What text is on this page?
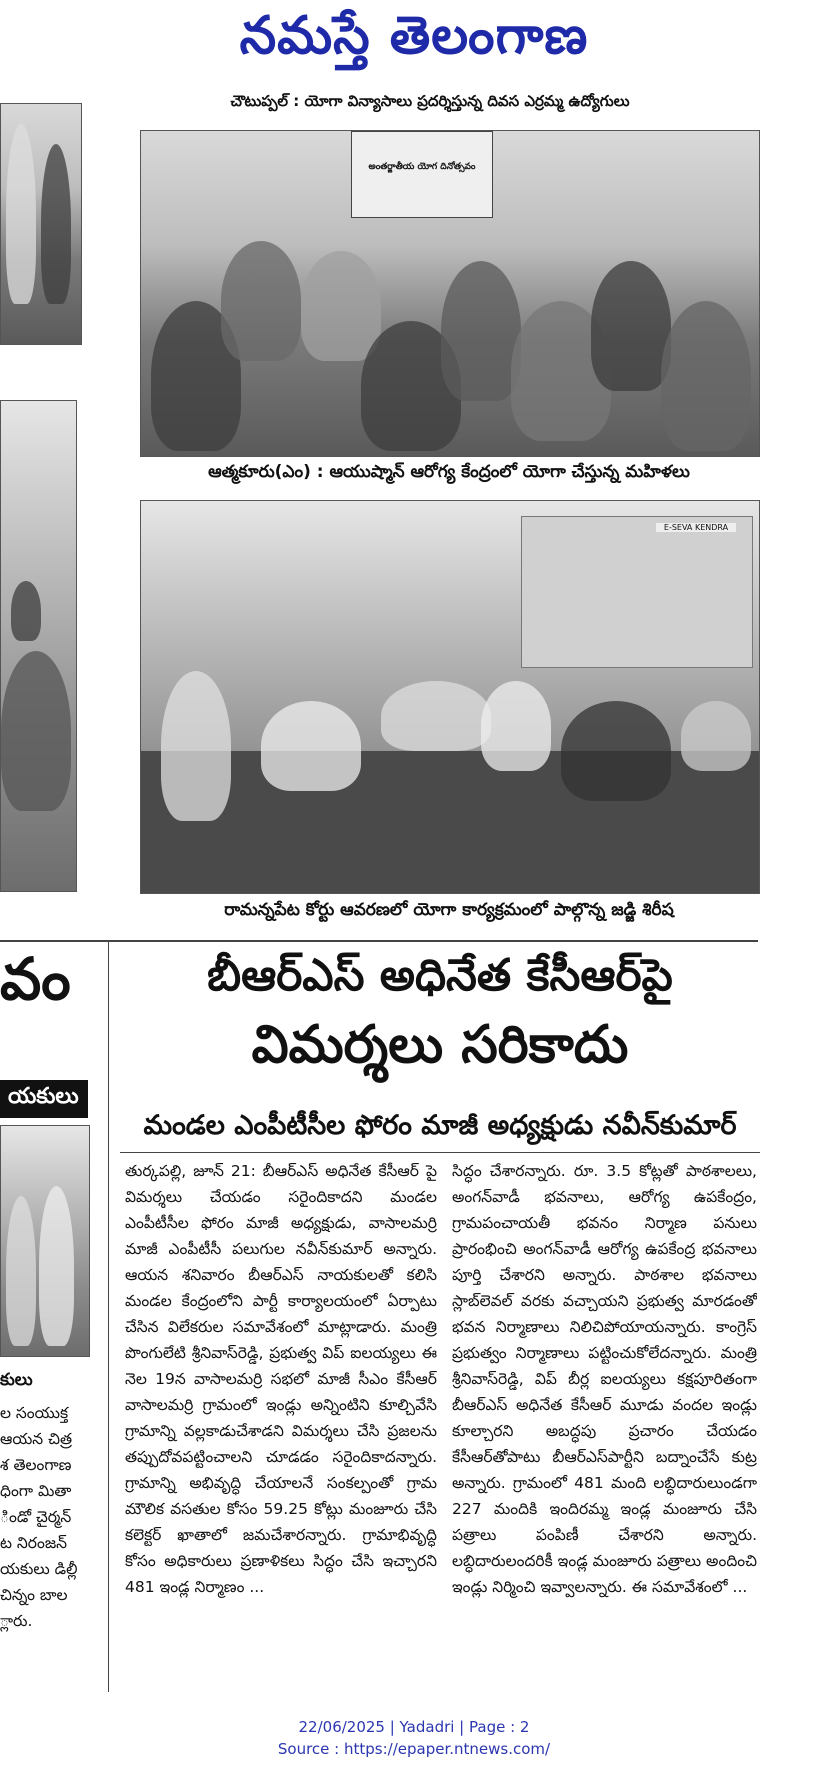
నమస్తే తెలంగాణ
చౌటుప్పల్ : యోగా విన్యాసాలు ప్రదర్శిస్తున్న దివస ఎర్రమ్మ ఉద్యోగులు
అంతర్జాతీయ యోగ దినోత్సవం
ఆత్మకూరు(ఎం) : ఆయుష్మాన్ ఆరోగ్య కేంద్రంలో యోగా చేస్తున్న మహిళలు
E-SEVA KENDRA
రామన్నపేట కోర్టు ఆవరణలో యోగా కార్యక్రమంలో పాల్గొన్న జడ్జి శిరీష
వం
యకులు
కులు
ల సంయుక్త
ఆయన చిత్ర
శ తెలంగాణ
ధింగా మితా
ిండో చైర్మన్
ట నిరంజన్
యకులు డిల్లీ
చిన్నం బాల
్లారు.
బీఆర్ఎస్ అధినేత కేసీఆర్‌పై
విమర్శలు సరికాదు
మండల ఎంపీటీసీల ఫోరం మాజీ అధ్యక్షుడు నవీన్‌కుమార్

తుర్కపల్లి, జూన్ 21: బీఆర్ఎస్ అధినేత కేసీఆర్ పై విమర్శలు చేయడం సరైందికాదని మండల ఎంపీటీసీల ఫోరం మాజీ అధ్యక్షుడు, వాసాలమర్రి మాజీ ఎంపీటీసీ పలుగుల నవీన్‌కుమార్ అన్నారు. ఆయన శనివారం బీఆర్ఎస్ నాయకులతో కలిసి మండల కేంద్రంలోని పార్టీ కార్యాలయంలో ఏర్పాటు చేసిన విలేకరుల సమావేశంలో మాట్లాడారు. మంత్రి పొంగులేటి శ్రీనివాస్‌రెడ్డి, ప్రభుత్వ విప్ ఐలయ్యలు ఈ నెల 19న వాసాలమర్రి సభలో మాజీ సీఎం కేసీఆర్ వాసాలమర్రి గ్రామంలో ఇండ్లు అన్నింటిని కూల్చివేసి గ్రామాన్ని వల్లకాడుచేశాడని విమర్శలు చేసి ప్రజలను తప్పుదోవపట్టించాలని చూడడం సరైందికాదన్నారు. గ్రామాన్ని అభివృద్ధి చేయాలనే సంకల్పంతో గ్రామ మౌలిక వసతుల కోసం 59.25 కోట్లు మంజూరు చేసి కలెక్టర్ ఖాతాలో జమచేశారన్నారు. గ్రామాభివృద్ధి కోసం అధికారులు ప్రణాళికలు సిద్ధం చేసి ఇచ్చారని 481 ఇండ్ల నిర్మాణం ...

సిద్ధం చేశారన్నారు. రూ. 3.5 కోట్లతో పాఠశాలలు, అంగన్‌వాడీ భవనాలు, ఆరోగ్య ఉపకేంద్రం, గ్రామపంచాయతీ భవనం నిర్మాణ పనులు ప్రారంభించి అంగన్‌వాడీ ఆరోగ్య ఉపకేంద్ర భవనాలు పూర్తి చేశారని అన్నారు. పాఠశాల భవనాలు స్లాబ్‌లెవల్ వరకు వచ్చాయని ప్రభుత్వ మారడంతో భవన నిర్మాణాలు నిలిచిపోయాయన్నారు. కాంగ్రెస్ ప్రభుత్వం నిర్మాణాలు పట్టించుకోలేదన్నారు. మంత్రి శ్రీనివాస్‌రెడ్డి, విప్ బీర్ల ఐలయ్యలు కక్షపూరితంగా బీఆర్ఎస్ అధినేత కేసీఆర్ మూడు వందల ఇండ్లు కూల్చారని అబద్ధపు ప్రచారం చేయడం కేసీఆర్‌తోపాటు బీఆర్ఎస్‌పార్టీని బద్నాంచేసే కుట్ర అన్నారు. గ్రామంలో 481 మంది లబ్ధిదారులుండగా 227 మందికి ఇందిరమ్మ ఇండ్ల మంజూరు చేసి పత్రాలు పంపిణీ చేశారని అన్నారు. లబ్ధిదారులందరికీ ఇండ్ల మంజూరు పత్రాలు అందించి ఇండ్లు నిర్మించి ఇవ్వాలన్నారు. ఈ సమావేశంలో ...

22/06/2025 | Yadadri | Page : 2
Source : https://epaper.ntnews.com/
